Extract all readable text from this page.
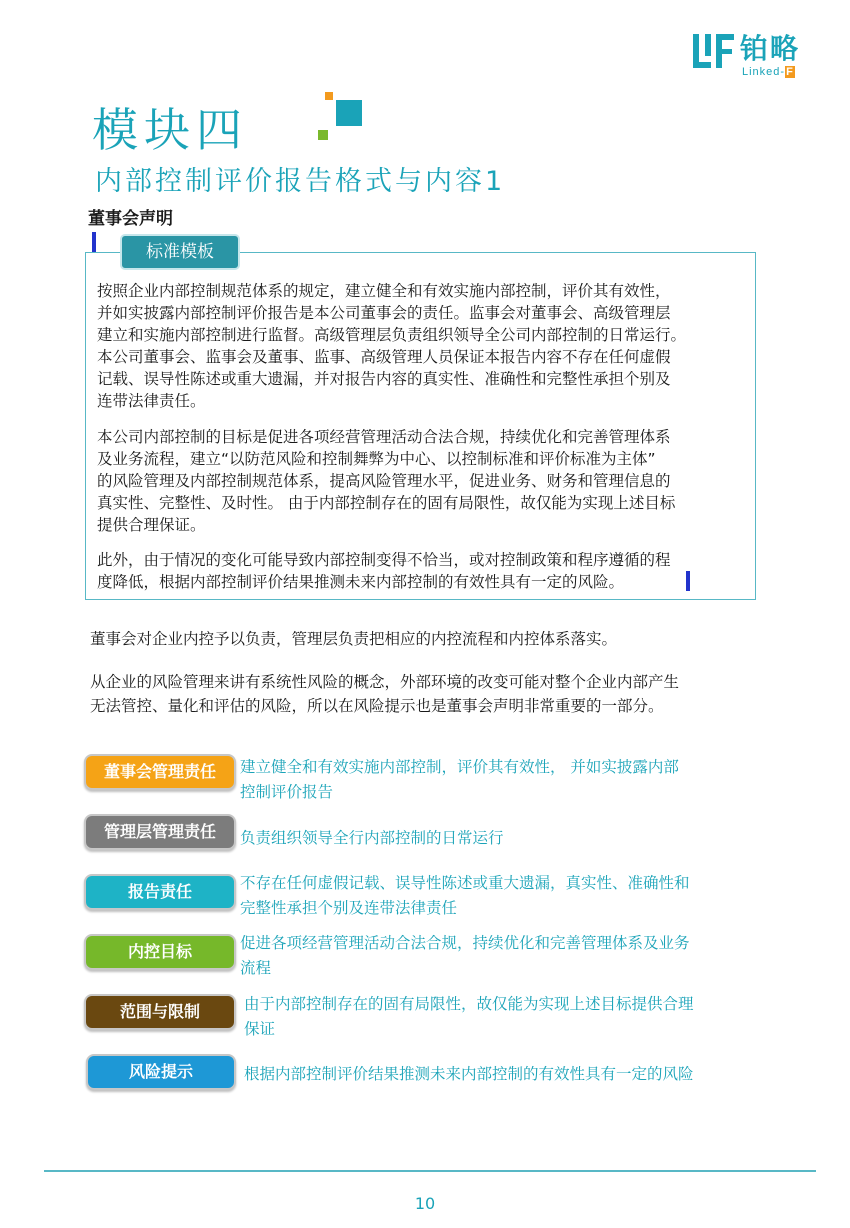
铂略
Linked-F
模块四
内部控制评价报告格式与内容1
董事会声明
标准模板
按照企业内部控制规范体系的规定，建立健全和有效实施内部控制，评价其有效性，
并如实披露内部控制评价报告是本公司董事会的责任。监事会对董事会、高级管理层
建立和实施内部控制进行监督。高级管理层负责组织领导全公司内部控制的日常运行。
本公司董事会、监事会及董事、监事、高级管理人员保证本报告内容不存在任何虚假
记载、误导性陈述或重大遗漏，并对报告内容的真实性、准确性和完整性承担个别及
连带法律责任。
本公司内部控制的目标是促进各项经营管理活动合法合规，持续优化和完善管理体系
及业务流程，建立“以防范风险和控制舞弊为中心、以控制标准和评价标准为主体”
的风险管理及内部控制规范体系，提高风险管理水平，促进业务、财务和管理信息的
真实性、完整性、及时性。 由于内部控制存在的固有局限性，故仅能为实现上述目标
提供合理保证。
此外，由于情况的变化可能导致内部控制变得不恰当，或对控制政策和程序遵循的程
度降低，根据内部控制评价结果推测未来内部控制的有效性具有一定的风险。
董事会对企业内控予以负责，管理层负责把相应的内控流程和内控体系落实。
从企业的风险管理来讲有系统性风险的概念，外部环境的改变可能对整个企业内部产生
无法管控、量化和评估的风险，所以在风险提示也是董事会声明非常重要的一部分。
董事会管理责任	建立健全和有效实施内部控制，评价其有效性， 并如实披露内部
控制评价报告
管理层管理责任	负责组织领导全行内部控制的日常运行
报告责任	不存在任何虚假记载、误导性陈述或重大遗漏，真实性、准确性和
完整性承担个别及连带法律责任
内控目标	促进各项经营管理活动合法合规，持续优化和完善管理体系及业务
流程
范围与限制	由于内部控制存在的固有局限性，故仅能为实现上述目标提供合理
保证
风险提示	根据内部控制评价结果推测未来内部控制的有效性具有一定的风险
10
